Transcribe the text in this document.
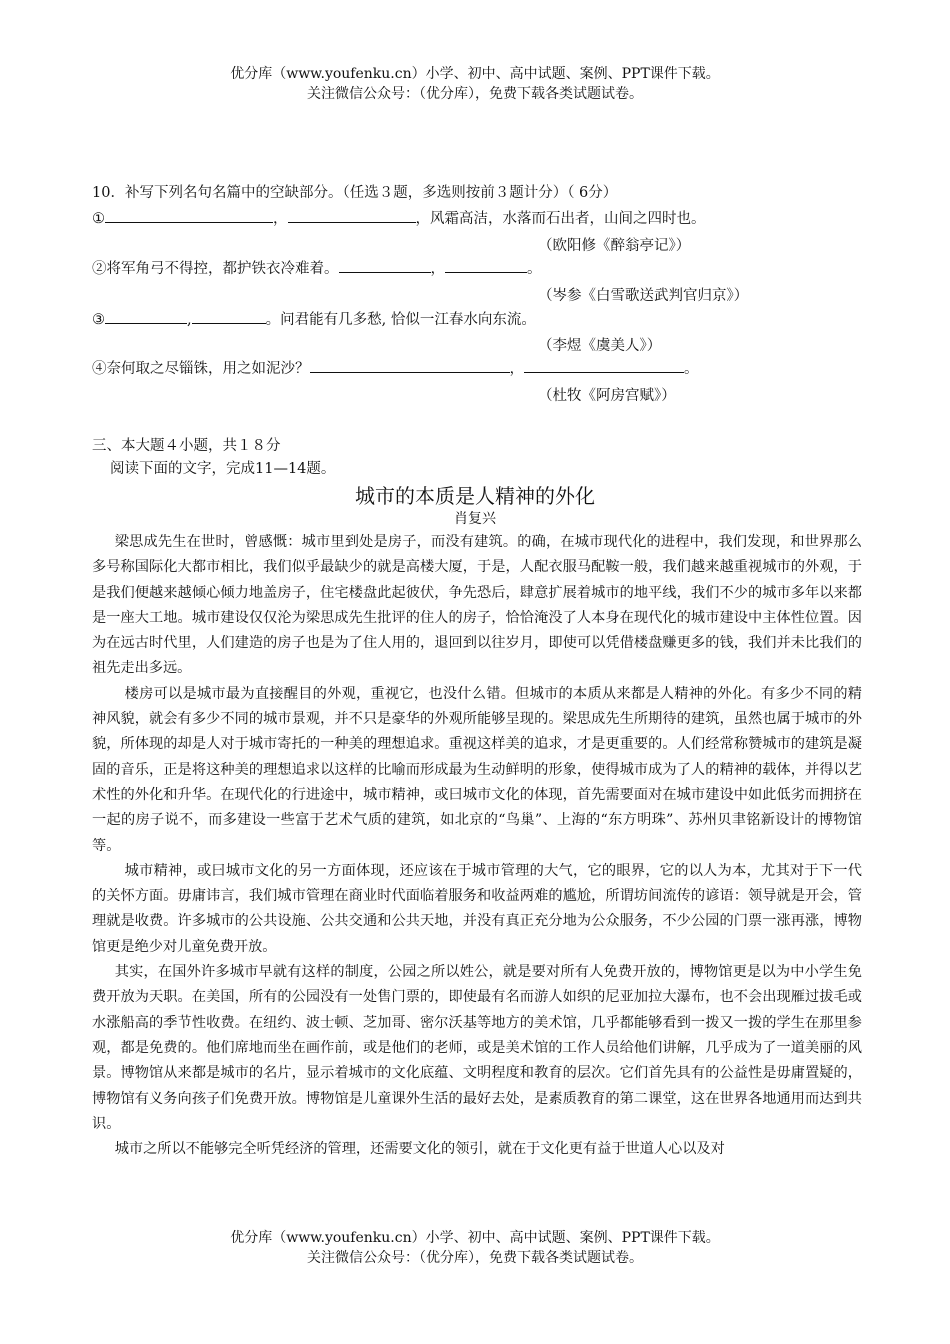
优分库（www.youfenku.cn）小学、初中、高中试题、案例、PPT课件下载。
关注微信公众号：（优分库），免费下载各类试题试卷。
10．补写下列名句名篇中的空缺部分。（任选３题，多选则按前３题计分）（ 6分）
①	，	，风霜高洁，水落而石出者，山间之四时也。
（欧阳修《醉翁亭记》）
②将军角弓不得控，都护铁衣冷难着。	，	。
（岑参《白雪歌送武判官归京》）
③	,	。问君能有几多愁, 恰似一江春水向东流。
（李煜《虞美人》）
④奈何取之尽锱铢，用之如泥沙？	，	。
（杜牧《阿房宫赋》）
三、本大题４小题，共１８分
阅读下面的文字，完成11—14题。
城市的本质是人精神的外化
肖复兴

梁思成先生在世时，曾感慨：城市里到处是房子，而没有建筑。的确，在城市现代化的进程中，我们发现，和世界那么多号称国际化大都市相比，我们似乎最缺少的就是高楼大厦，于是，人配衣服马配鞍一般，我们越来越重视城市的外观，于是我们便越来越倾心倾力地盖房子，住宅楼盘此起彼伏，争先恐后，肆意扩展着城市的地平线，我们不少的城市多年以来都是一座大工地。城市建设仅仅沦为梁思成先生批评的住人的房子，恰恰淹没了人本身在现代化的城市建设中主体性位置。因为在远古时代里，人们建造的房子也是为了住人用的，退回到以往岁月，即使可以凭借楼盘赚更多的钱，我们并未比我们的祖先走出多远。

楼房可以是城市最为直接醒目的外观，重视它，也没什么错。但城市的本质从来都是人精神的外化。有多少不同的精神风貌，就会有多少不同的城市景观，并不只是豪华的外观所能够呈现的。梁思成先生所期待的建筑，虽然也属于城市的外貌，所体现的却是人对于城市寄托的一种美的理想追求。重视这样美的追求，才是更重要的。人们经常称赞城市的建筑是凝固的音乐，正是将这种美的理想追求以这样的比喻而形成最为生动鲜明的形象，使得城市成为了人的精神的载体，并得以艺术性的外化和升华。在现代化的行进途中，城市精神，或曰城市文化的体现，首先需要面对在城市建设中如此低劣而拥挤在一起的房子说不，而多建设一些富于艺术气质的建筑，如北京的“鸟巢”、上海的“东方明珠”、苏州贝聿铭新设计的博物馆等。

城市精神，或曰城市文化的另一方面体现，还应该在于城市管理的大气，它的眼界，它的以人为本，尤其对于下一代的关怀方面。毋庸讳言，我们城市管理在商业时代面临着服务和收益两难的尴尬，所谓坊间流传的谚语：领导就是开会，管理就是收费。许多城市的公共设施、公共交通和公共天地，并没有真正充分地为公众服务，不少公园的门票一涨再涨，博物馆更是绝少对儿童免费开放。

其实，在国外许多城市早就有这样的制度，公园之所以姓公，就是要对所有人免费开放的，博物馆更是以为中小学生免费开放为天职。在美国，所有的公园没有一处售门票的，即使最有名而游人如织的尼亚加拉大瀑布，也不会出现雁过拔毛或水涨船高的季节性收费。在纽约、波士顿、芝加哥、密尔沃基等地方的美术馆，几乎都能够看到一拨又一拨的学生在那里参观，都是免费的。他们席地而坐在画作前，或是他们的老师，或是美术馆的工作人员给他们讲解，几乎成为了一道美丽的风景。博物馆从来都是城市的名片，显示着城市的文化底蕴、文明程度和教育的层次。它们首先具有的公益性是毋庸置疑的，博物馆有义务向孩子们免费开放。博物馆是儿童课外生活的最好去处，是素质教育的第二课堂，这在世界各地通用而达到共识。

城市之所以不能够完全听凭经济的管理，还需要文化的领引，就在于文化更有益于世道人心以及对

优分库（www.youfenku.cn）小学、初中、高中试题、案例、PPT课件下载。
关注微信公众号：（优分库），免费下载各类试题试卷。
